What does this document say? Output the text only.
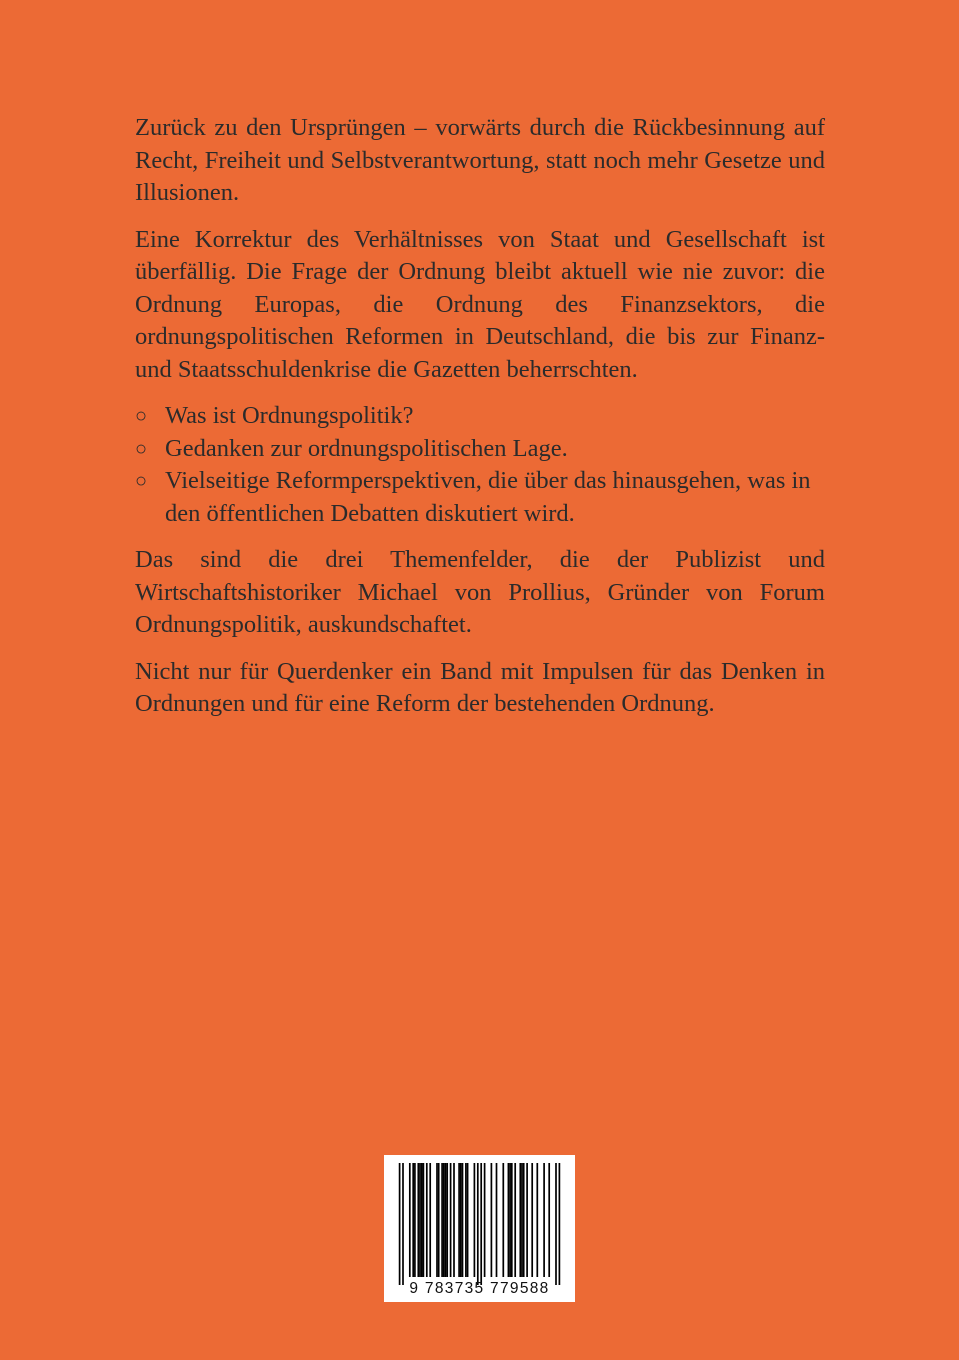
Zurück zu den Ursprüngen – vorwärts durch die Rückbesinnung auf Recht, Freiheit und Selbstverantwortung, statt noch mehr Gesetze und Illusionen.

Eine Korrektur des Verhältnisses von Staat und Gesellschaft ist überfällig. Die Frage der Ordnung bleibt aktuell wie nie zuvor: die Ordnung Europas, die Ordnung des Finanzsektors, die ordnungspolitischen Reformen in Deutschland, die bis zur Finanz- und Staatsschuldenkrise die Gazetten beherrschten.

○ Was ist Ordnungspolitik?
○ Gedanken zur ordnungspolitischen Lage.
○ Vielseitige Reformperspektiven, die über das hinausgehen, was in den öffentlichen Debatten diskutiert wird.

Das sind die drei Themenfelder, die der Publizist und Wirtschaftshistoriker Michael von Prollius, Gründer von Forum Ordnungspolitik, auskundschaftet.

Nicht nur für Querdenker ein Band mit Impulsen für das Denken in Ordnungen und für eine Reform der bestehenden Ordnung.

9 783735 779588
